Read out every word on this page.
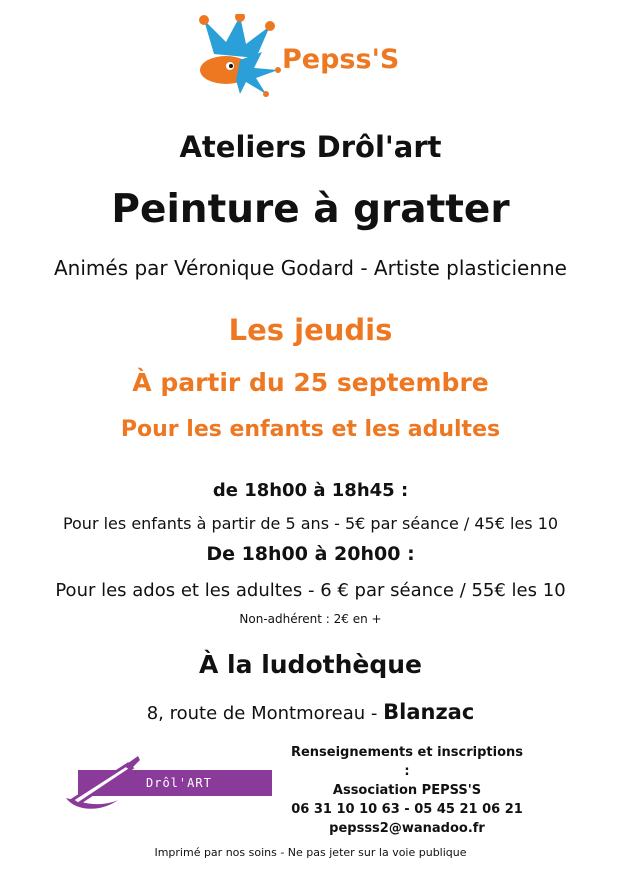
Pepss'S
Ateliers Drôl'art
Peinture à gratter
Animés par Véronique Godard - Artiste plasticienne
Les jeudis
À partir du 25 septembre
Pour les enfants et les adultes
de 18h00 à 18h45 :
Pour les enfants à partir de 5 ans - 5€ par séance / 45€ les 10
De 18h00 à 20h00 :
Pour les ados et les adultes - 6 € par séance / 55€ les 10
Non-adhérent : 2€ en +
À la ludothèque
8, route de Montmoreau - Blanzac
Drôl'ART
Renseignements et inscriptions :
Association PEPSS'S
06 31 10 10 63 - 05 45 21 06 21
pepsss2@wanadoo.fr
Imprimé par nos soins - Ne pas jeter sur la voie publique
